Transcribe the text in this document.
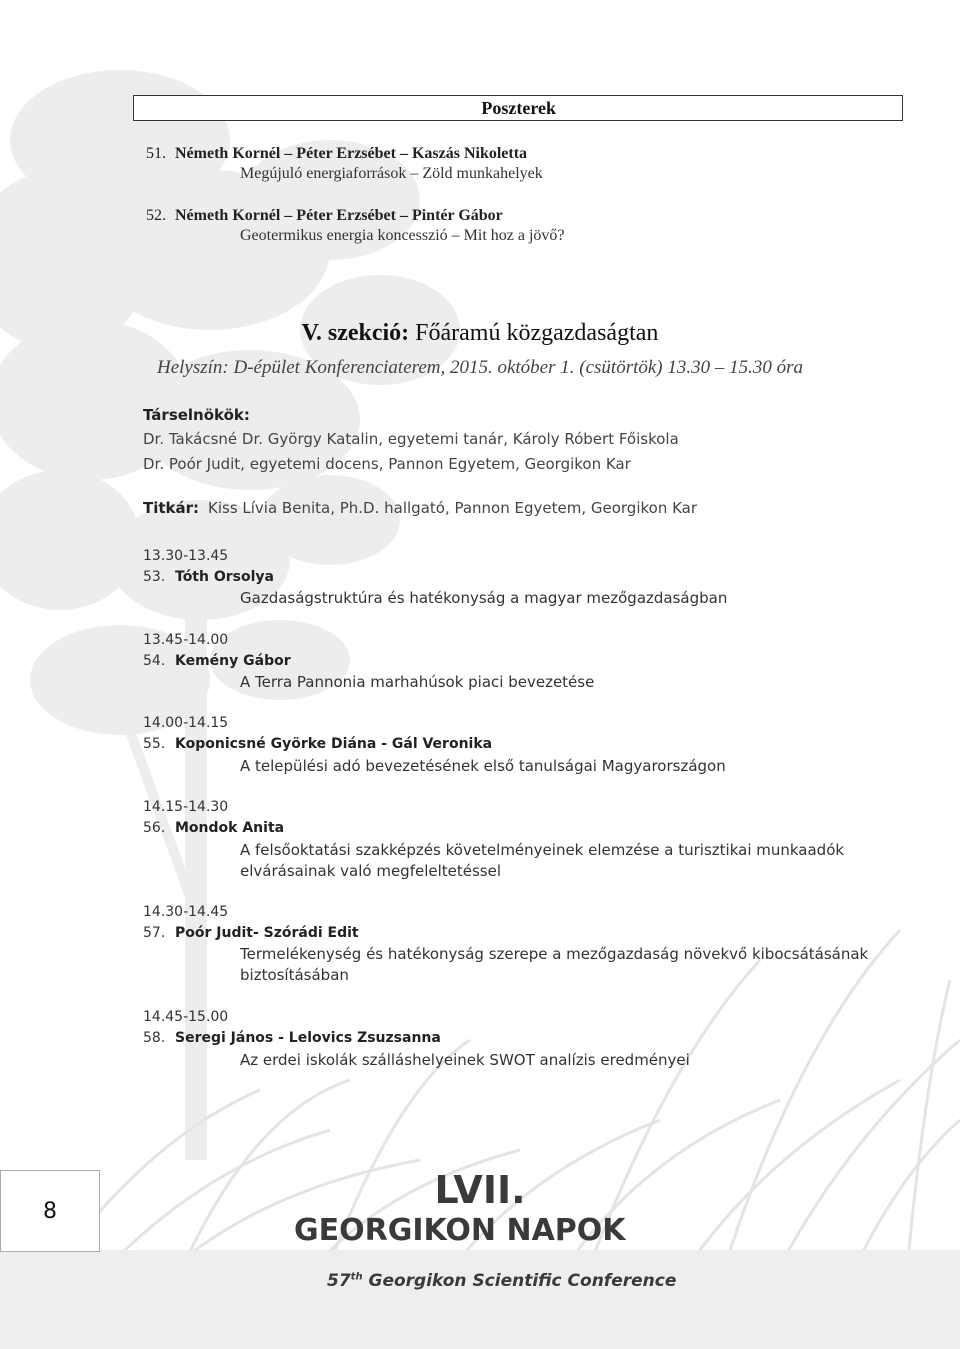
Poszterek
51. Németh Kornél – Péter Erzsébet – Kaszás Nikoletta
Megújuló energiaforrások – Zöld munkahelyek
52. Németh Kornél – Péter Erzsébet – Pintér Gábor
Geotermikus energia koncesszió – Mit hoz a jövő?
V. szekció: Főáramú közgazdaságtan
Helyszín: D-épület Konferenciaterem, 2015. október 1. (csütörtök) 13.30 – 15.30 óra
Társelnökök:
Dr. Takácsné Dr. György Katalin, egyetemi tanár, Károly Róbert Főiskola
Dr. Poór Judit, egyetemi docens, Pannon Egyetem, Georgikon Kar
Titkár: Kiss Lívia Benita, Ph.D. hallgató, Pannon Egyetem, Georgikon Kar
13.30-13.45
53. Tóth Orsolya
Gazdaságstruktúra és hatékonyság a magyar mezőgazdaságban
13.45-14.00
54. Kemény Gábor
A Terra Pannonia marhahúsok piaci bevezetése
14.00-14.15
55. Koponicsné Györke Diána - Gál Veronika
A települési adó bevezetésének első tanulságai Magyarországon
14.15-14.30
56. Mondok Anita
A felsőoktatási szakképzés követelményeinek elemzése a turisztikai munkaadók elvárásainak való megfeleltetéssel
14.30-14.45
57. Poór Judit- Szórádi Edit
Termelékenység és hatékonyság szerepe a mezőgazdaság növekvő kibocsátásának biztosításában
14.45-15.00
58. Seregi János - Lelovics Zsuzsanna
Az erdei iskolák szálláshelyeinek SWOT analízis eredményei
8	LVII.
GEORGIKON NAPOK
57th Georgikon Scientific Conference
